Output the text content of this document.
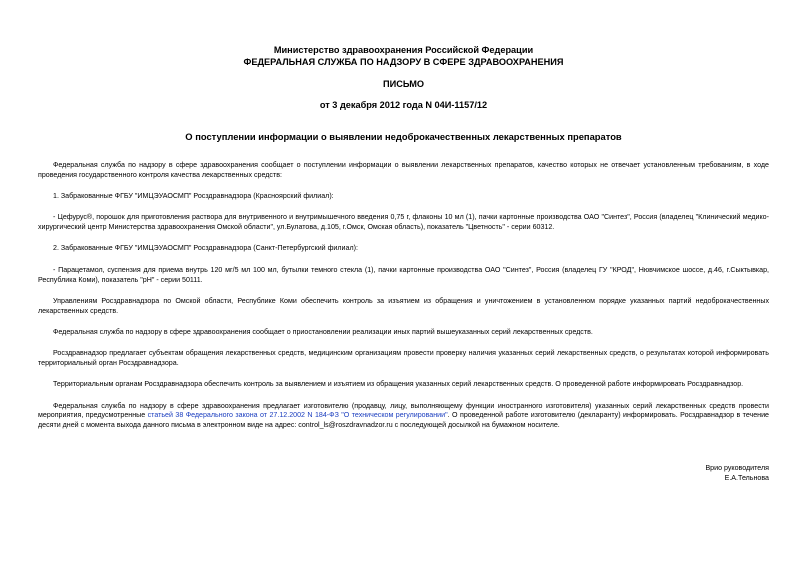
Министерство здравоохранения Российской Федерации
ФЕДЕРАЛЬНАЯ СЛУЖБА ПО НАДЗОРУ В СФЕРЕ ЗДРАВООХРАНЕНИЯ
ПИСЬМО
от 3 декабря 2012 года N 04И-1157/12
О поступлении информации о выявлении недоброкачественных лекарственных препаратов

Федеральная служба по надзору в сфере здравоохранения сообщает о поступлении информации о выявлении лекарственных препаратов, качество которых не отвечает установленным требованиям, в ходе проведения государственного контроля качества лекарственных средств:

1. Забракованные ФГБУ "ИМЦЭУАОСМП" Росздравнадзора (Красноярский филиал):

- Цефурус®, порошок для приготовления раствора для внутривенного и внутримышечного введения 0,75 г, флаконы 10 мл (1), пачки картонные производства ОАО "Синтез", Россия (владелец "Клинический медико-хирургический центр Министерства здравоохранения Омской области", ул.Булатова, д.105, г.Омск, Омская область), показатель "Цветность" - серии 60312.

2. Забракованные ФГБУ "ИМЦЭУАОСМП" Росздравнадзора (Санкт-Петербургский филиал):

- Парацетамол, суспензия для приема внутрь 120 мг/5 мл 100 мл, бутылки темного стекла (1), пачки картонные производства ОАО "Синтез", Россия (владелец ГУ "КРОД", Нювчимское шоссе, д.46, г.Сыктывкар, Республика Коми), показатель "pH" - серии 50111.

Управлениям Росздравнадзора по Омской области, Республике Коми обеспечить контроль за изъятием из обращения и уничтожением в установленном порядке указанных партий недоброкачественных лекарственных средств.

Федеральная служба по надзору в сфере здравоохранения сообщает о приостановлении реализации иных партий вышеуказанных серий лекарственных средств.

Росздравнадзор предлагает субъектам обращения лекарственных средств, медицинским организациям провести проверку наличия указанных серий лекарственных средств, о результатах которой информировать территориальный орган Росздравнадзора.

Территориальным органам Росздравнадзора обеспечить контроль за выявлением и изъятием из обращения указанных серий лекарственных средств. О проведенной работе информировать Росздравнадзор.

Федеральная служба по надзору в сфере здравоохранения предлагает изготовителю (продавцу, лицу, выполняющему функции иностранного изготовителя) указанных серий лекарственных средств провести мероприятия, предусмотренные статьей 38 Федерального закона от 27.12.2002 N 184-ФЗ "О техническом регулировании". О проведенной работе изготовителю (декларанту) информировать. Росздравнадзор в течение десяти дней с момента выхода данного письма в электронном виде на адрес: control_ls@roszdravnadzor.ru с последующей досылкой на бумажном носителе.

Врио руководителя
Е.А.Тельнова
